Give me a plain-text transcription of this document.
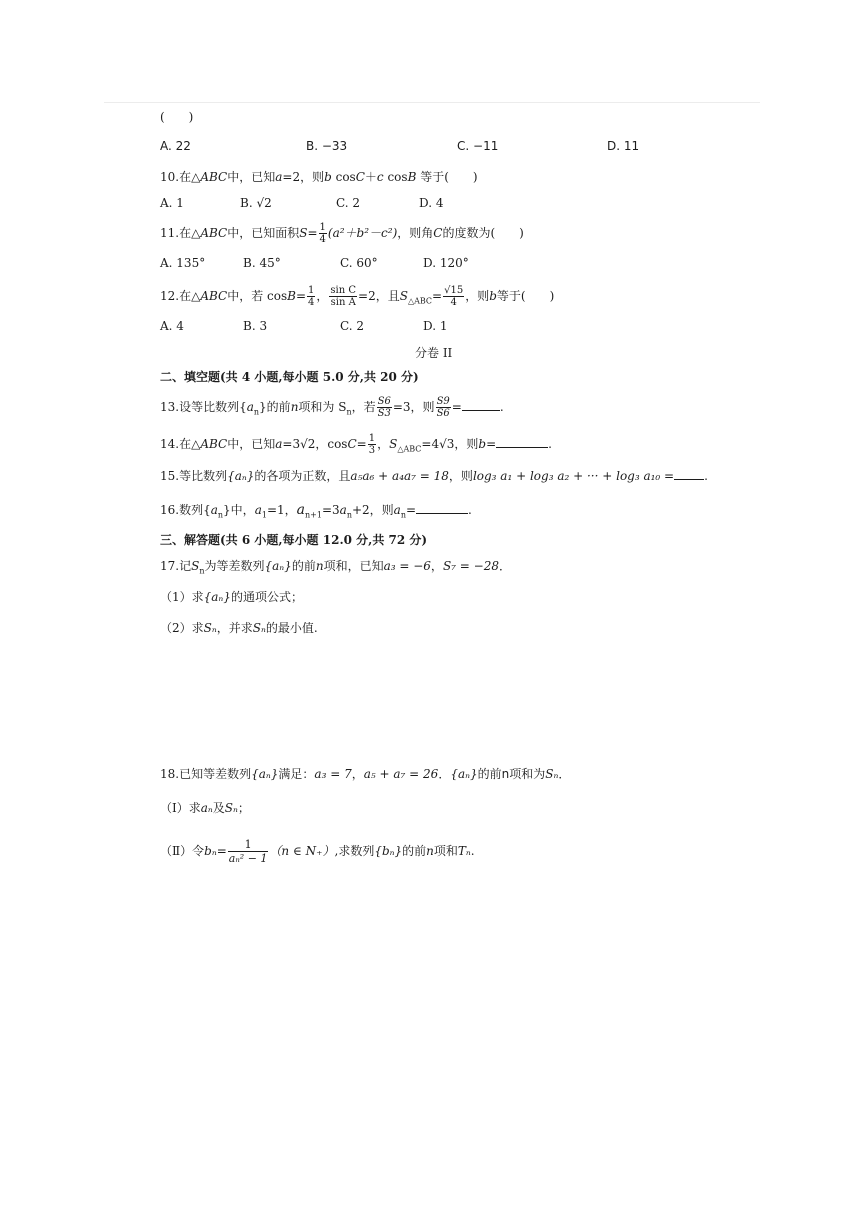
(　　)
A. 22	B. −33	C. −11	D. 11
10.在△ABC中，已知a=2，则b cosC＋c cosB 等于(　　)
A. 1	B. √2	C. 2	D. 4
11.在△ABC中，已知面积$S= \frac{1}{4} (a^2+b^2-c^2)$，则角C的度数为(　　)
A. 135°	B. 45°	C. 60°	D. 120°
12.在△ABC中，若 $\cos B= \frac{1}{4}$ ， $\frac{\text{sin C}}{\text{sin A}} =2$，且$S_{\triangle ABC}= \frac{√15}{4}$ ，则b等于(　　)
A. 4	B. 3	C. 2	D. 1
分卷 II
二、填空题(共 4 小题,每小题 5.0 分,共 20 分)
13.设等比数列$\{a_n\}$的前n项和为 $S_n$，若 $\frac{S6}{S3} =3$，则 $\frac{S9}{S6}$ =	.
14.在△ABC中，已知a=3√2，$\cos C= \frac{1}{3}$ ，$S_{\triangle ABC}=4√3$，则b=	.
15.等比数列{aₙ}的各项为正数，且a₅a₆ + a₄a₇ = 18，则log₃ a₁ + log₃ a₂ + ··· + log₃ a₁₀ =	.
16.数列$\{a_n\}$中，$a_1=1$，$a_{n+1}=3a_n+2$，则$a_n=$	.
三、解答题(共 6 小题,每小题 12.0 分,共 72 分)
17.记$S_n$为等差数列{aₙ}的前n项和，已知a₃ = −6，S₇ = −28．
（1）求{aₙ}的通项公式；
（2）求Sₙ，并求Sₙ的最小值.
18.已知等差数列{aₙ}满足：a₃ = 7，a₅ + a₇ = 26．{aₙ}的前n项和为Sₙ．
（Ⅰ）求aₙ及Sₙ；
（Ⅱ）令$b_n= \frac{1}{\text{aₙ² − 1}} (n$ ∈ N₊）,求数列{bₙ}的前n项和Tₙ.
